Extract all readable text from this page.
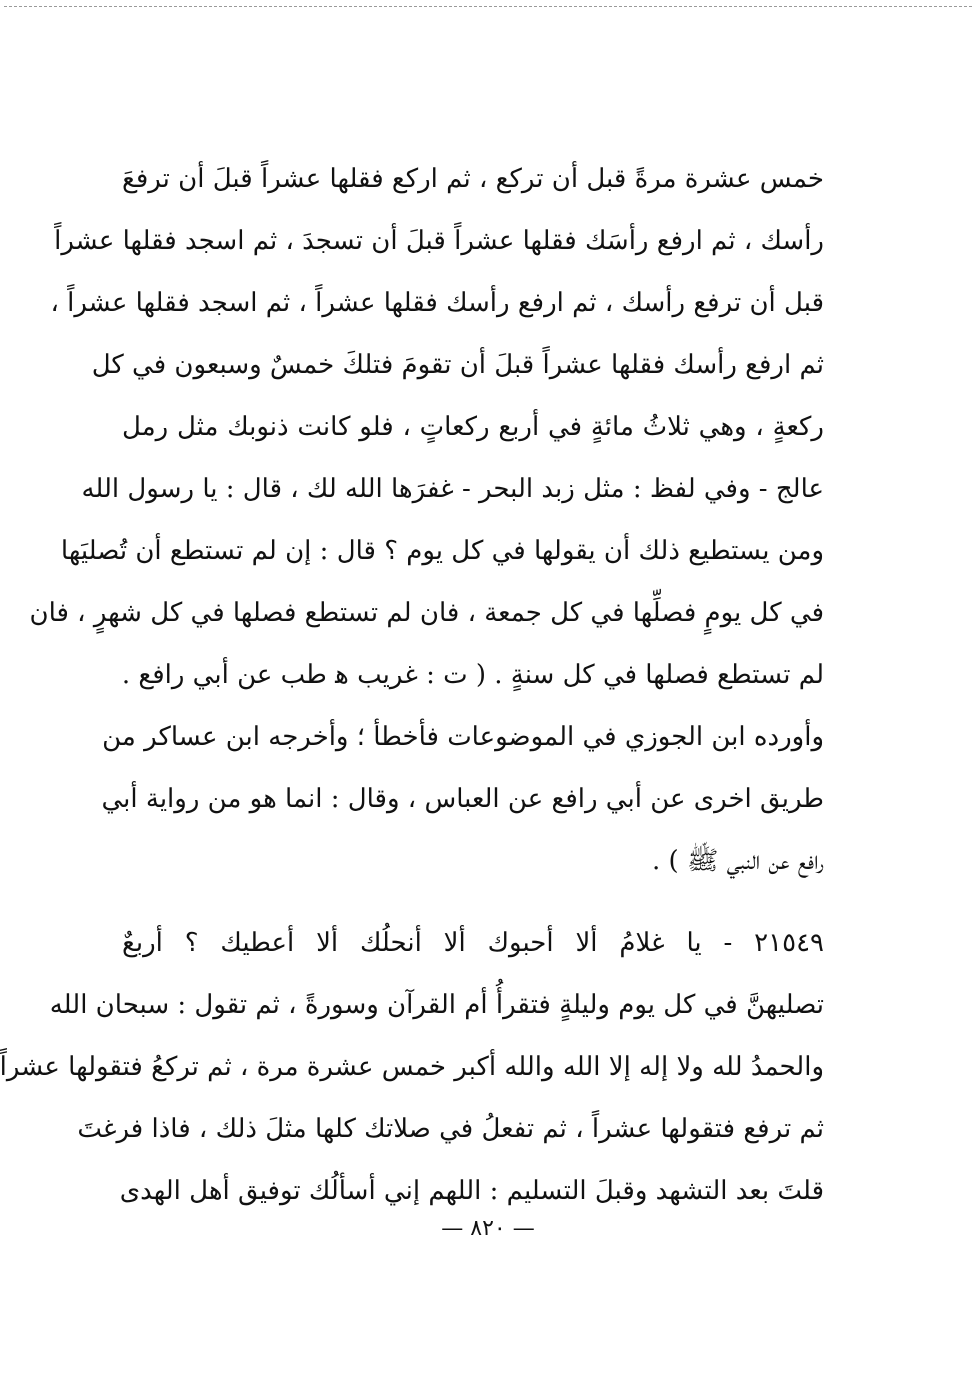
خمس عشرة مرةً قبل أن تركع ، ثم اركع فقلها عشراً قبلَ أن ترفعَ
رأسك ، ثم ارفع رأسَك فقلها عشراً قبلَ أن تسجدَ ، ثم اسجد فقلها عشراً
قبل أن ترفع رأسك ، ثم ارفع رأسك فقلها عشراً ، ثم اسجد فقلها عشراً ،
ثم ارفع رأسك فقلها عشراً قبلَ أن تقومَ فتلكَ خمسٌ وسبعون في كل
ركعةٍ ، وهي ثلاثُ مائةٍ في أربع ركعاتٍ ، فلو كانت ذنوبك مثل رمل
عالج - وفي لفظ : مثل زبد البحر - غفرَها الله لك ، قال : يا رسول الله
ومن يستطيع ذلك أن يقولها في كل يوم ؟ قال : إن لم تستطع أن تُصليَها
في كل يومٍ فصلِّها في كل جمعة ، فان لم تستطع فصلها في كل شهرٍ ، فان
لم تستطع فصلها في كل سنةٍ . ( ت : غريب ﻫ طب عن أبي رافع .
وأورده ابن الجوزي في الموضوعات فأخطأ ؛ وأخرجه ابن عساكر من
طريق اخرى عن أبي رافع عن العباس ، وقال : انما هو من رواية أبي
رافع عن النبي ﷺ ) .
٢١٥٤٩ - يا غلامُ ألا أحبوك ألا أنحلُك ألا أعطيك ؟ أربعٌ
تصليهنَّ في كل يوم وليلةٍ فتقرأُ أم القرآن وسورةً ، ثم تقول : سبحان الله
والحمدُ لله ولا إله إلا الله والله أكبر خمس عشرة مرة ، ثم تركعُ فتقولها عشراً
ثم ترفع فتقولها عشراً ، ثم تفعلُ في صلاتك كلها مثلَ ذلك ، فاذا فرغتَ
قلتَ بعد التشهد وقبلَ التسليم : اللهم إني أسألُك توفيق أهل الهدى
— ٨٢٠ —
